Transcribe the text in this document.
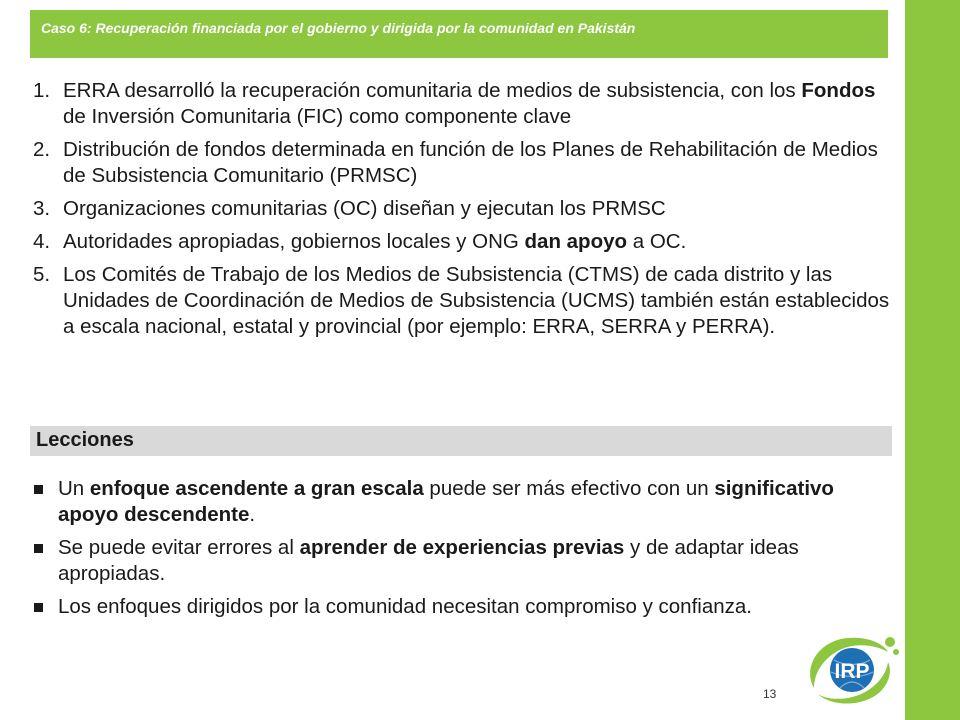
Caso 6: Recuperación financiada por el gobierno y dirigida por la comunidad en Pakistán
1. ERRA desarrolló la recuperación comunitaria de medios de subsistencia, con los Fondos de Inversión Comunitaria (FIC) como componente clave
2. Distribución de fondos determinada en función de los Planes de Rehabilitación de Medios de Subsistencia Comunitario (PRMSC)
3. Organizaciones comunitarias (OC) diseñan y ejecutan los PRMSC
4. Autoridades apropiadas, gobiernos locales y ONG dan apoyo a OC.
5. Los Comités de Trabajo de los Medios de Subsistencia (CTMS) de cada distrito y las Unidades de Coordinación de Medios de Subsistencia (UCMS) también están establecidos a escala nacional, estatal y provincial (por ejemplo: ERRA, SERRA y PERRA).
Lecciones
Un enfoque ascendente a gran escala puede ser más efectivo con un significativo apoyo descendente.
Se puede evitar errores al aprender de experiencias previas y de adaptar ideas apropiadas.
Los enfoques dirigidos por la comunidad necesitan compromiso y confianza.
13
IRP
